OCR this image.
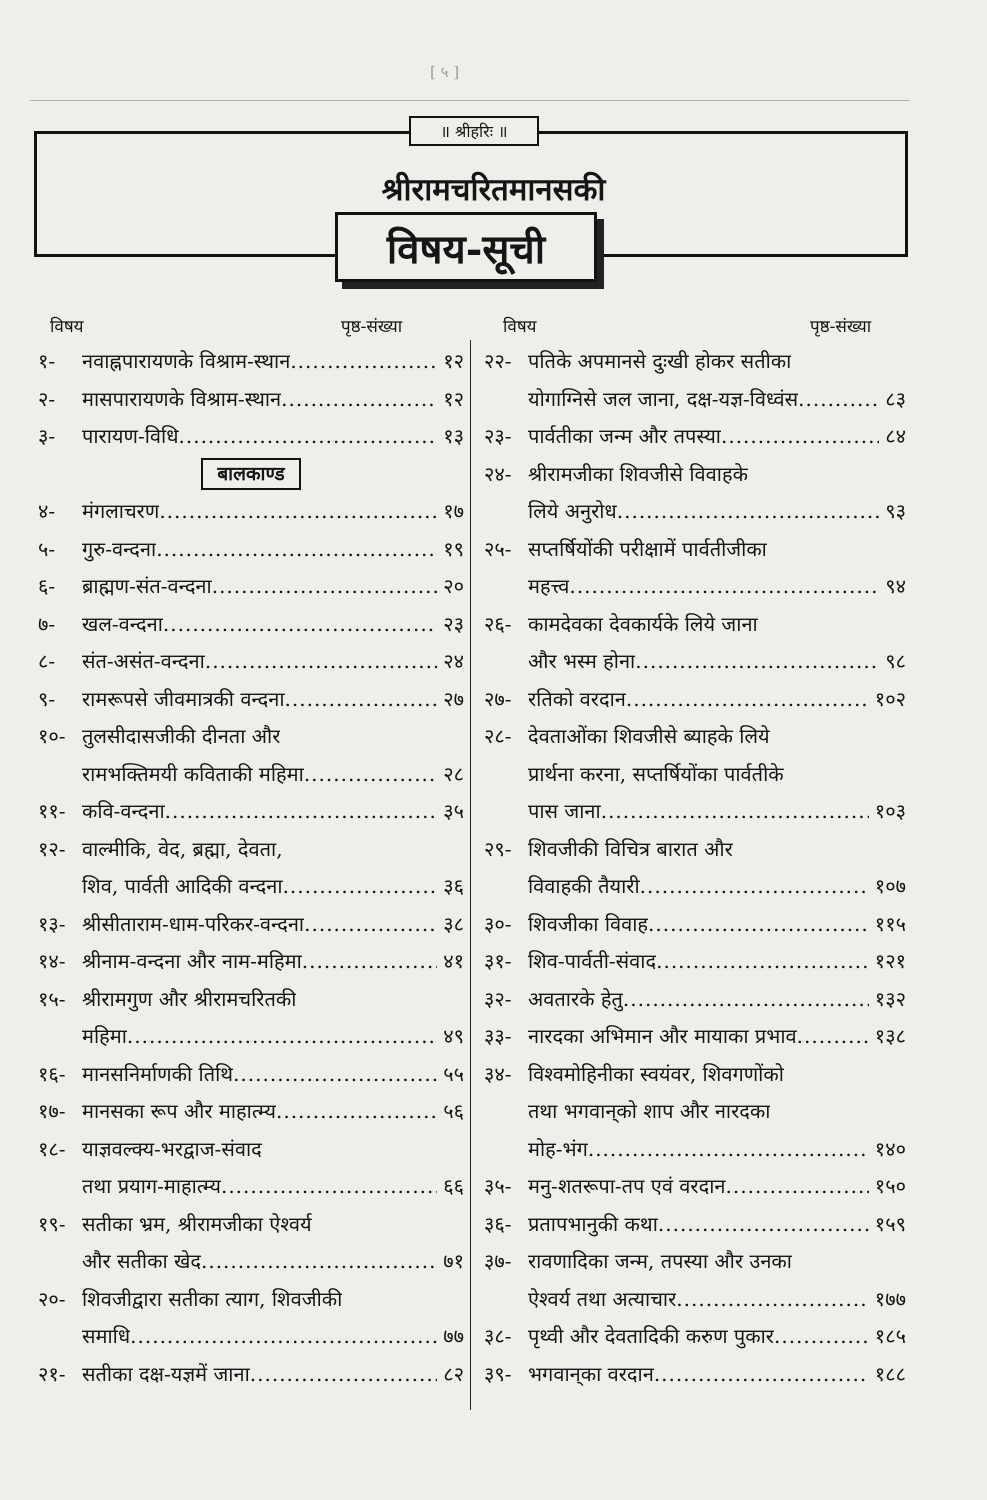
[ ५ ]
॥ श्रीहरिः ॥
श्रीरामचरितमानसकी
विषय-सूची
विषय	पृष्ठ-संख्या	विषय	पृष्ठ-संख्या
१-	नवाह्नपारायणके विश्राम-स्थान .....	१२
२-	मासपारायणके विश्राम-स्थान .....	१२
३-	पारायण-विधि .....	१३
बालकाण्ड
४-	मंगलाचरण .....	१७
५-	गुरु-वन्दना .....	१९
६-	ब्राह्मण-संत-वन्दना .....	२०
७-	खल-वन्दना .....	२३
८-	संत-असंत-वन्दना .....	२४
९-	रामरूपसे जीवमात्रकी वन्दना .....	२७
१०- तुलसीदासजीकी दीनता और
रामभक्तिमयी कविताकी महिमा .....	२८
११- कवि-वन्दना .....	३५
१२- वाल्मीकि, वेद, ब्रह्मा, देवता,
शिव, पार्वती आदिकी वन्दना .....	३६
१३- श्रीसीताराम-धाम-परिकर-वन्दना .....	३८
१४- श्रीनाम-वन्दना और नाम-महिमा .....	४१
१५- श्रीरामगुण और श्रीरामचरितकी
महिमा .....	४९
१६- मानसनिर्माणकी तिथि .....	५५
१७- मानसका रूप और माहात्म्य .....	५६
१८- याज्ञवल्क्य-भरद्वाज-संवाद
तथा प्रयाग-माहात्म्य .....	६६
१९- सतीका भ्रम, श्रीरामजीका ऐश्वर्य
और सतीका खेद .....	७१
२०- शिवजीद्वारा सतीका त्याग, शिवजीकी
समाधि .....	७७
२१- सतीका दक्ष-यज्ञमें जाना .....	८२
२२- पतिके अपमानसे दुःखी होकर सतीका
योगाग्निसे जल जाना, दक्ष-यज्ञ-विध्वंस .....	८३
२३- पार्वतीका जन्म और तपस्या .....	८४
२४- श्रीरामजीका शिवजीसे विवाहके
लिये अनुरोध .....	९३
२५- सप्तर्षियोंकी परीक्षामें पार्वतीजीका
महत्त्व .....	९४
२६- कामदेवका देवकार्यके लिये जाना
और भस्म होना .....	९८
२७- रतिको वरदान .....	१०२
२८- देवताओंका शिवजीसे ब्याहके लिये
प्रार्थना करना, सप्तर्षियोंका पार्वतीके
पास जाना .....	१०३
२९- शिवजीकी विचित्र बारात और
विवाहकी तैयारी .....	१०७
३०- शिवजीका विवाह .....	११५
३१- शिव-पार्वती-संवाद .....	१२१
३२- अवतारके हेतु .....	१३२
३३- नारदका अभिमान और मायाका प्रभाव .....	१३८
३४- विश्वमोहिनीका स्वयंवर, शिवगणोंको
तथा भगवान्‌को शाप और नारदका
मोह-भंग .....	१४०
३५- मनु-शतरूपा-तप एवं वरदान .....	१५०
३६- प्रतापभानुकी कथा .....	१५९
३७- रावणादिका जन्म, तपस्या और उनका
ऐश्वर्य तथा अत्याचार .....	१७७
३८- पृथ्वी और देवतादिकी करुण पुकार .....	१८५
३९- भगवान्‌का वरदान .....	१८८
